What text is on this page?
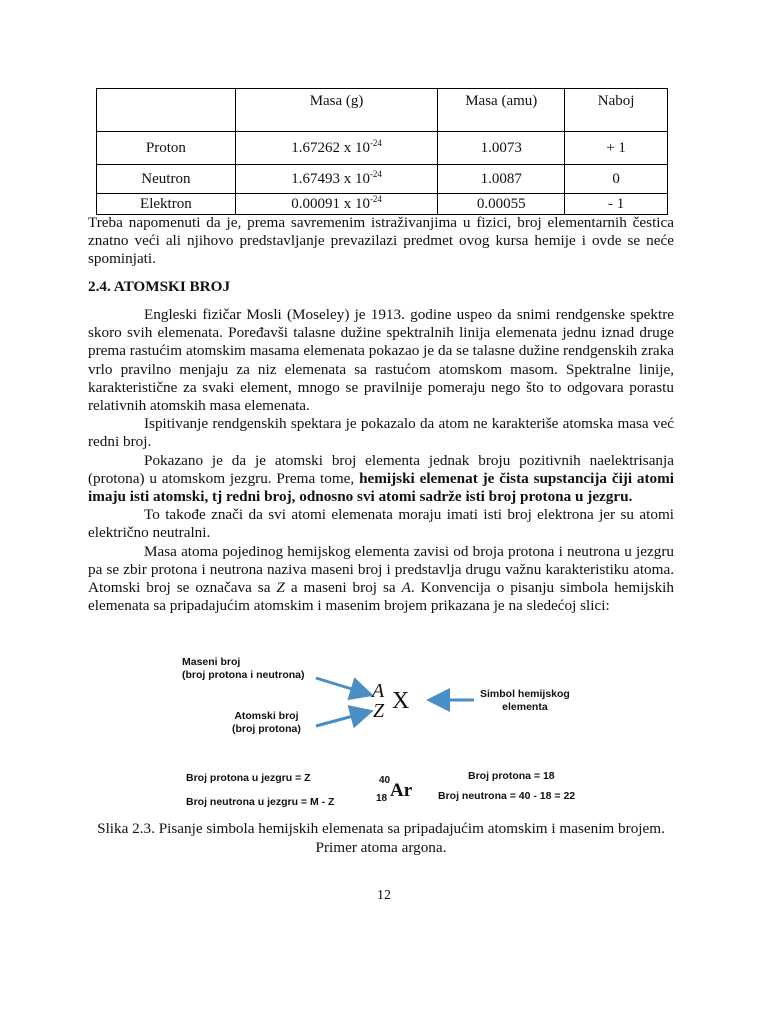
	Masa (g)	Masa (amu)	Naboj
Proton	1.67262 x $10^{-24}$	1.0073	+ 1
Neutron	1.67493 x $10^{-24}$	1.0087	0
Elektron	0.00091 x $10^{-24}$	0.00055	- 1

Treba napomenuti da je, prema savremenim istraživanjima u fizici, broj elementarnih čestica znatno veći ali njihovo predstavljanje prevazilazi predmet ovog kursa hemije i ovde se neće spominjati.

2.4. ATOMSKI BROJ

Engleski fizičar Mosli (Moseley) je 1913. godine uspeo da snimi rendgenske spektre skoro svih elemenata. Poređavši talasne dužine spektralnih linija elemenata jednu iznad druge prema rastućim atomskim masama elemenata pokazao je da se talasne dužine rendgenskih zraka vrlo pravilno menjaju za niz elemenata sa rastućom atomskom masom. Spektralne linije, karakteristične za svaki element, mnogo se pravilnije pomeraju nego što to odgovara porastu relativnih atomskih masa elemenata.

Ispitivanje rendgenskih spektara je pokazalo da atom ne karakteriše atomska masa već redni broj.

Pokazano je da je atomski broj elementa jednak broju pozitivnih naelektrisanja (protona) u atomskom jezgru. Prema tome, hemijski elemenat je čista supstancija čiji atomi imaju isti atomski, tj redni broj, odnosno svi atomi sadrže isti broj protona u jezgru.

To takođe znači da svi atomi elemenata moraju imati isti broj elektrona jer su atomi električno neutralni.

Masa atoma pojedinog hemijskog elementa zavisi od broja protona i neutrona u jezgru pa se zbir protona i neutrona naziva maseni broj i predstavlja drugu važnu karakteristiku atoma. Atomski broj se označava sa Z a maseni broj sa A. Konvencija o pisanju simbola hemijskih elemenata sa pripadajućim atomskim i masenim brojem prikazana je na sledećoj slici:

Maseni broj
(broj protona i neutrona)
Atomski broj
(broj protona)
Simbol hemijskog
elementa
A
Z X
Broj protona u jezgru = Z
Broj neutrona u jezgru = M - Z
40
18 Ar
Broj protona = 18
Broj neutrona = 40 - 18 = 22
Slika 2.3. Pisanje simbola hemijskih elemenata sa pripadajućim atomskim i masenim brojem. Primer atoma argona.
12
